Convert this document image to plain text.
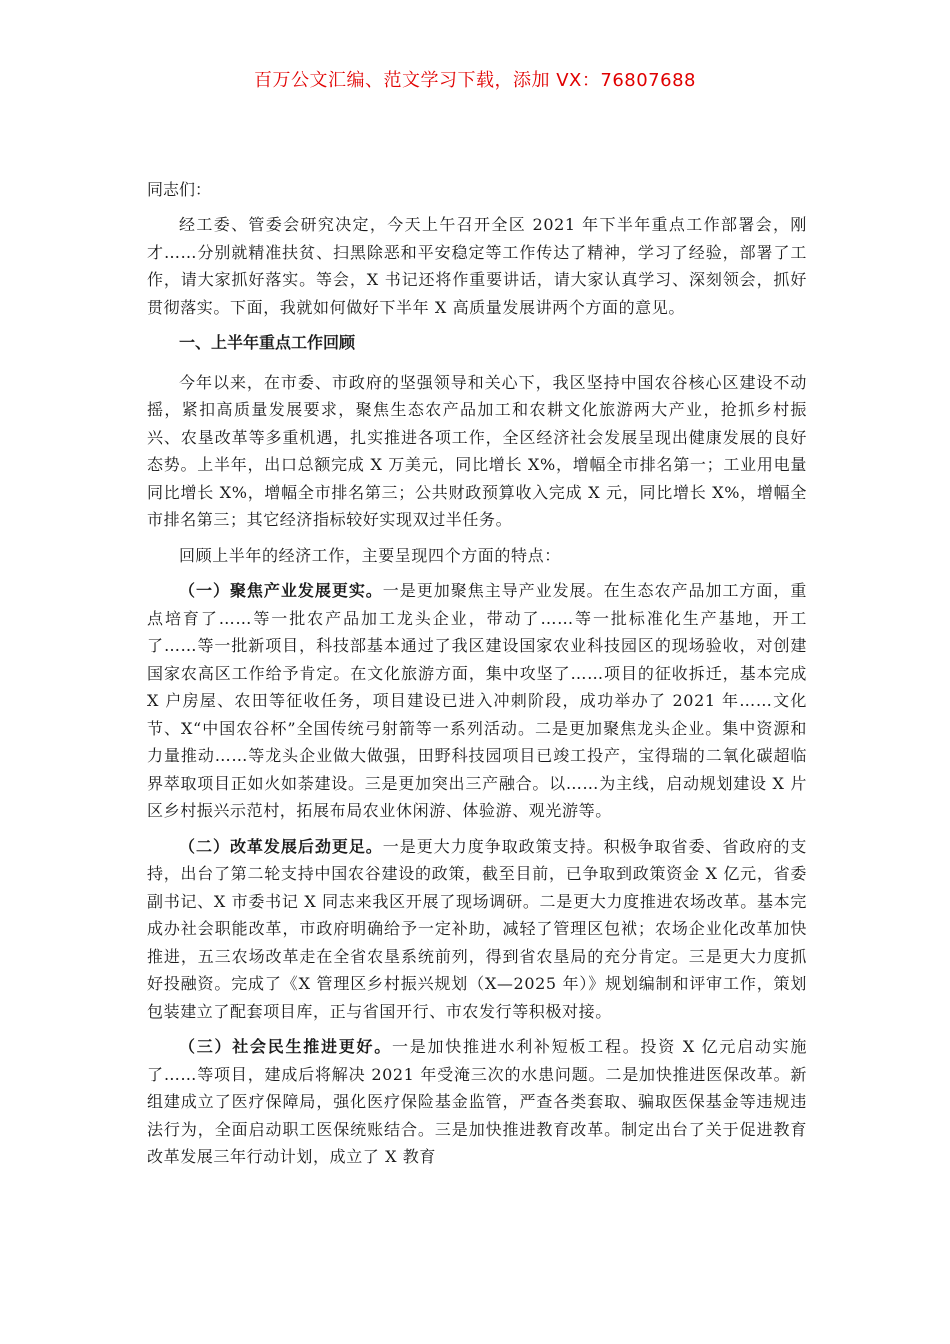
百万公文汇编、范文学习下载，添加 VX：76807688

同志们：

经工委、管委会研究决定，今天上午召开全区 2021 年下半年重点工作部署会，刚才……分别就精准扶贫、扫黑除恶和平安稳定等工作传达了精神，学习了经验，部署了工作，请大家抓好落实。等会，X 书记还将作重要讲话，请大家认真学习、深刻领会，抓好贯彻落实。下面，我就如何做好下半年 X 高质量发展讲两个方面的意见。

一、上半年重点工作回顾

今年以来，在市委、市政府的坚强领导和关心下，我区坚持中国农谷核心区建设不动摇，紧扣高质量发展要求，聚焦生态农产品加工和农耕文化旅游两大产业，抢抓乡村振兴、农垦改革等多重机遇，扎实推进各项工作，全区经济社会发展呈现出健康发展的良好态势。上半年，出口总额完成 X 万美元，同比增长 X%，增幅全市排名第一；工业用电量同比增长 X%，增幅全市排名第三；公共财政预算收入完成 X 元，同比增长 X%，增幅全市排名第三；其它经济指标较好实现双过半任务。

回顾上半年的经济工作，主要呈现四个方面的特点：

（一）聚焦产业发展更实。一是更加聚焦主导产业发展。在生态农产品加工方面，重点培育了……等一批农产品加工龙头企业，带动了……等一批标准化生产基地，开工了……等一批新项目，科技部基本通过了我区建设国家农业科技园区的现场验收，对创建国家农高区工作给予肯定。在文化旅游方面，集中攻坚了……项目的征收拆迁，基本完成 X 户房屋、农田等征收任务，项目建设已进入冲刺阶段，成功举办了 2021 年……文化节、X“中国农谷杯”全国传统弓射箭等一系列活动。二是更加聚焦龙头企业。集中资源和力量推动……等龙头企业做大做强，田野科技园项目已竣工投产，宝得瑞的二氧化碳超临界萃取项目正如火如荼建设。三是更加突出三产融合。以……为主线，启动规划建设 X 片区乡村振兴示范村，拓展布局农业休闲游、体验游、观光游等。

（二）改革发展后劲更足。一是更大力度争取政策支持。积极争取省委、省政府的支持，出台了第二轮支持中国农谷建设的政策，截至目前，已争取到政策资金 X 亿元，省委副书记、X 市委书记 X 同志来我区开展了现场调研。二是更大力度推进农场改革。基本完成办社会职能改革，市政府明确给予一定补助，减轻了管理区包袱；农场企业化改革加快推进，五三农场改革走在全省农垦系统前列，得到省农垦局的充分肯定。三是更大力度抓好投融资。完成了《X 管理区乡村振兴规划（X—2025 年）》规划编制和评审工作，策划包装建立了配套项目库，正与省国开行、市农发行等积极对接。

（三）社会民生推进更好。一是加快推进水利补短板工程。投资 X 亿元启动实施了……等项目，建成后将解决 2021 年受淹三次的水患问题。二是加快推进医保改革。新组建成立了医疗保障局，强化医疗保险基金监管，严查各类套取、骗取医保基金等违规违法行为，全面启动职工医保统账结合。三是加快推进教育改革。制定出台了关于促进教育改革发展三年行动计划，成立了 X 教育
